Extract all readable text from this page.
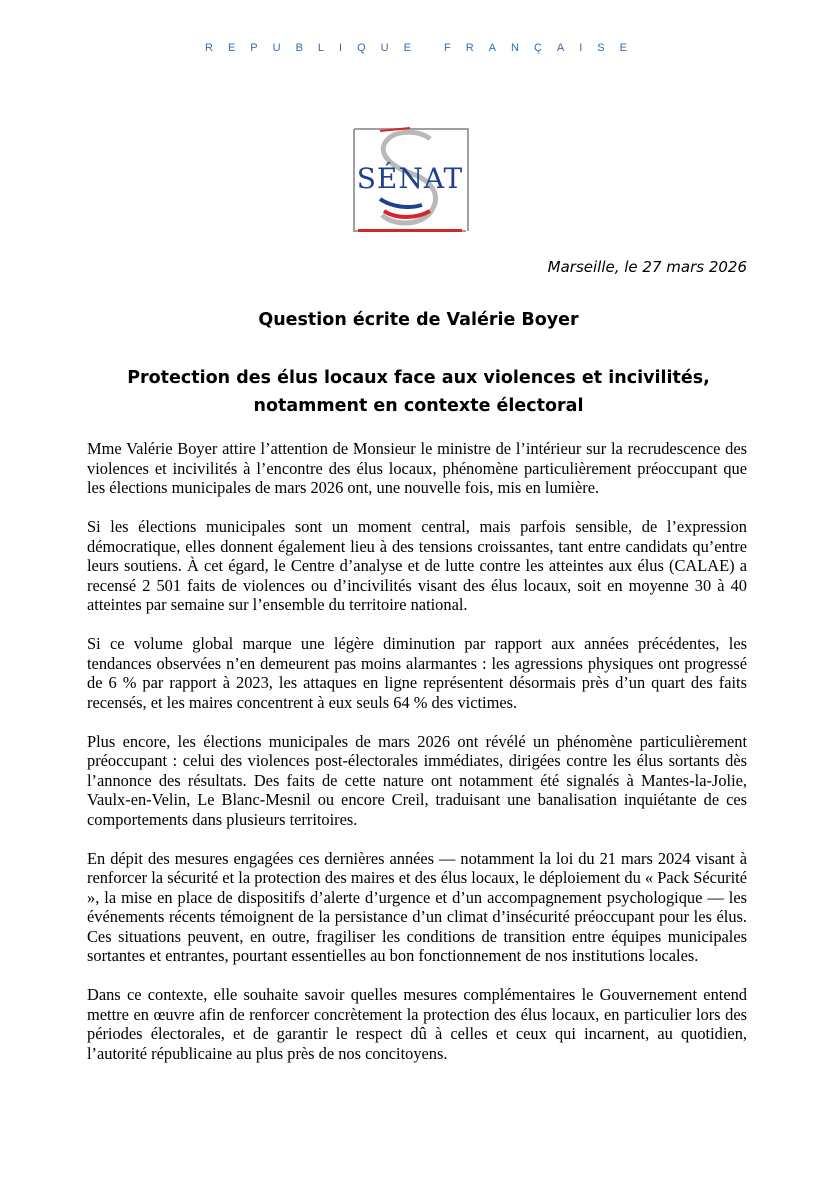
REPUBLIQUE FRANÇAISE
SÉNAT
Marseille, le 27 mars 2026
Question écrite de Valérie Boyer
Protection des élus locaux face aux violences et incivilités,
notamment en contexte électoral

Mme Valérie Boyer attire l’attention de Monsieur le ministre de l’intérieur sur la recrudescence des violences et incivilités à l’encontre des élus locaux, phénomène particulièrement préoccupant que les élections municipales de mars 2026 ont, une nouvelle fois, mis en lumière.

Si les élections municipales sont un moment central, mais parfois sensible, de l’expression démocratique, elles donnent également lieu à des tensions croissantes, tant entre candidats qu’entre leurs soutiens. À cet égard, le Centre d’analyse et de lutte contre les atteintes aux élus (CALAE) a recensé 2 501 faits de violences ou d’incivilités visant des élus locaux, soit en moyenne 30 à 40 atteintes par semaine sur l’ensemble du territoire national.

Si ce volume global marque une légère diminution par rapport aux années précédentes, les tendances observées n’en demeurent pas moins alarmantes : les agressions physiques ont progressé de 6 % par rapport à 2023, les attaques en ligne représentent désormais près d’un quart des faits recensés, et les maires concentrent à eux seuls 64 % des victimes.

Plus encore, les élections municipales de mars 2026 ont révélé un phénomène particulièrement préoccupant : celui des violences post-électorales immédiates, dirigées contre les élus sortants dès l’annonce des résultats. Des faits de cette nature ont notamment été signalés à Mantes-la-Jolie, Vaulx-en-Velin, Le Blanc-Mesnil ou encore Creil, traduisant une banalisation inquiétante de ces comportements dans plusieurs territoires.

En dépit des mesures engagées ces dernières années — notamment la loi du 21 mars 2024 visant à renforcer la sécurité et la protection des maires et des élus locaux, le déploiement du « Pack Sécurité », la mise en place de dispositifs d’alerte d’urgence et d’un accompagnement psychologique — les événements récents témoignent de la persistance d’un climat d’insécurité préoccupant pour les élus. Ces situations peuvent, en outre, fragiliser les conditions de transition entre équipes municipales sortantes et entrantes, pourtant essentielles au bon fonctionnement de nos institutions locales.

Dans ce contexte, elle souhaite savoir quelles mesures complémentaires le Gouvernement entend mettre en œuvre afin de renforcer concrètement la protection des élus locaux, en particulier lors des périodes électorales, et de garantir le respect dû à celles et ceux qui incarnent, au quotidien, l’autorité républicaine au plus près de nos concitoyens.
